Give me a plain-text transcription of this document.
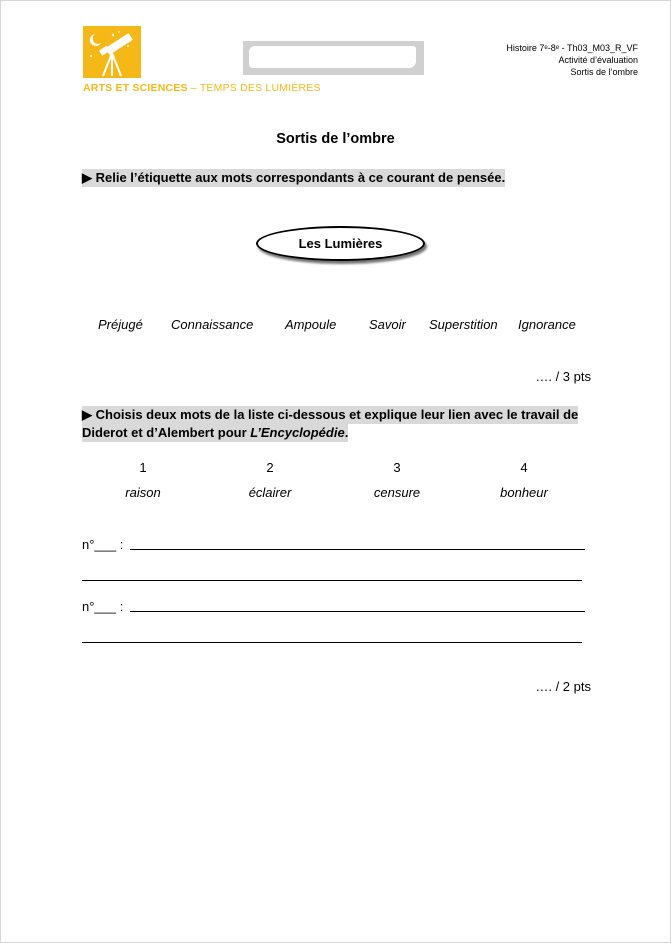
ARTS ET SCIENCES – TEMPS DES LUMIÈRES
Histoire 7ᵉ-8ᵉ - Th03_M03_R_VF
Activité d’évaluation
Sortis de l’ombre
Sortis de l’ombre
▶ Relie l’étiquette aux mots correspondants à ce courant de pensée.
Les Lumières
Préjugé Connaissance Ampoule	Savoir Superstition Ignorance
…. / 3 pts
▶ Choisis deux mots de la liste ci-dessous et explique leur lien avec le travail de
Diderot et d’Alembert pour L’Encyclopédie.
1	2	3	4
raison	éclairer	censure	bonheur
n°___ :
n°___ :
…. / 2 pts
